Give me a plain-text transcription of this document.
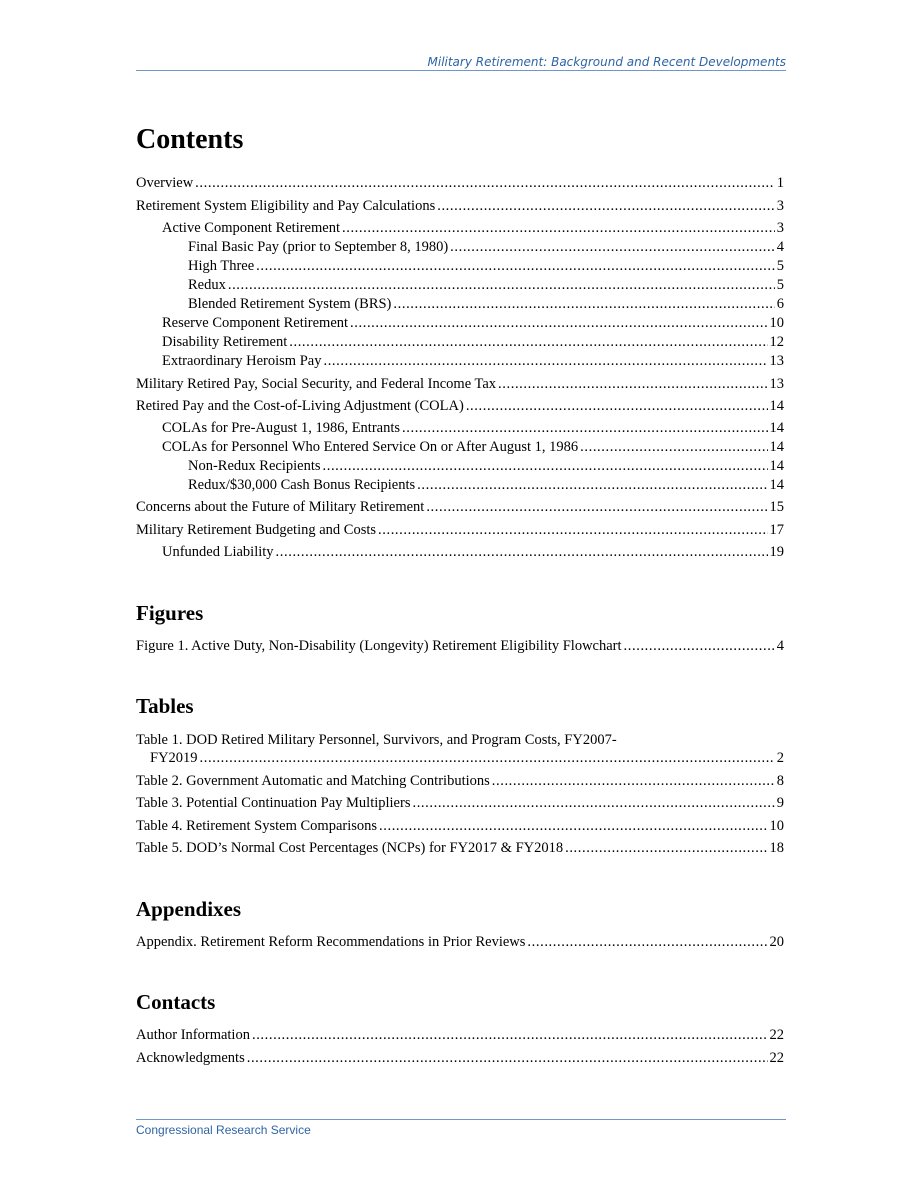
Military Retirement: Background and Recent Developments
Contents
Overview .....	1
Retirement System Eligibility and Pay Calculations .....	3
Active Component Retirement .....	3
Final Basic Pay (prior to September 8, 1980) .....	4
High Three .....	5
Redux .....	5
Blended Retirement System (BRS) .....	6
Reserve Component Retirement .....	10
Disability Retirement .....	12
Extraordinary Heroism Pay .....	13
Military Retired Pay, Social Security, and Federal Income Tax .....	13
Retired Pay and the Cost-of-Living Adjustment (COLA) .....	14
COLAs for Pre-August 1, 1986, Entrants .....	14
COLAs for Personnel Who Entered Service On or After August 1, 1986 .....	14
Non-Redux Recipients .....	14
Redux/$30,000 Cash Bonus Recipients .....	14
Concerns about the Future of Military Retirement .....	15
Military Retirement Budgeting and Costs .....	17
Unfunded Liability .....	19
Figures
Figure 1. Active Duty, Non-Disability (Longevity) Retirement Eligibility Flowchart .....	4
Tables
Table 1. DOD Retired Military Personnel, Survivors, and Program Costs, FY2007-
FY2019 .....	2
Table 2. Government Automatic and Matching Contributions .....	8
Table 3. Potential Continuation Pay Multipliers .....	9
Table 4. Retirement System Comparisons .....	10
Table 5. DOD’s Normal Cost Percentages (NCPs) for FY2017 & FY2018 .....	18
Appendixes
Appendix. Retirement Reform Recommendations in Prior Reviews .....	20
Contacts
Author Information .....	22
Acknowledgments .....	22
Congressional Research Service
